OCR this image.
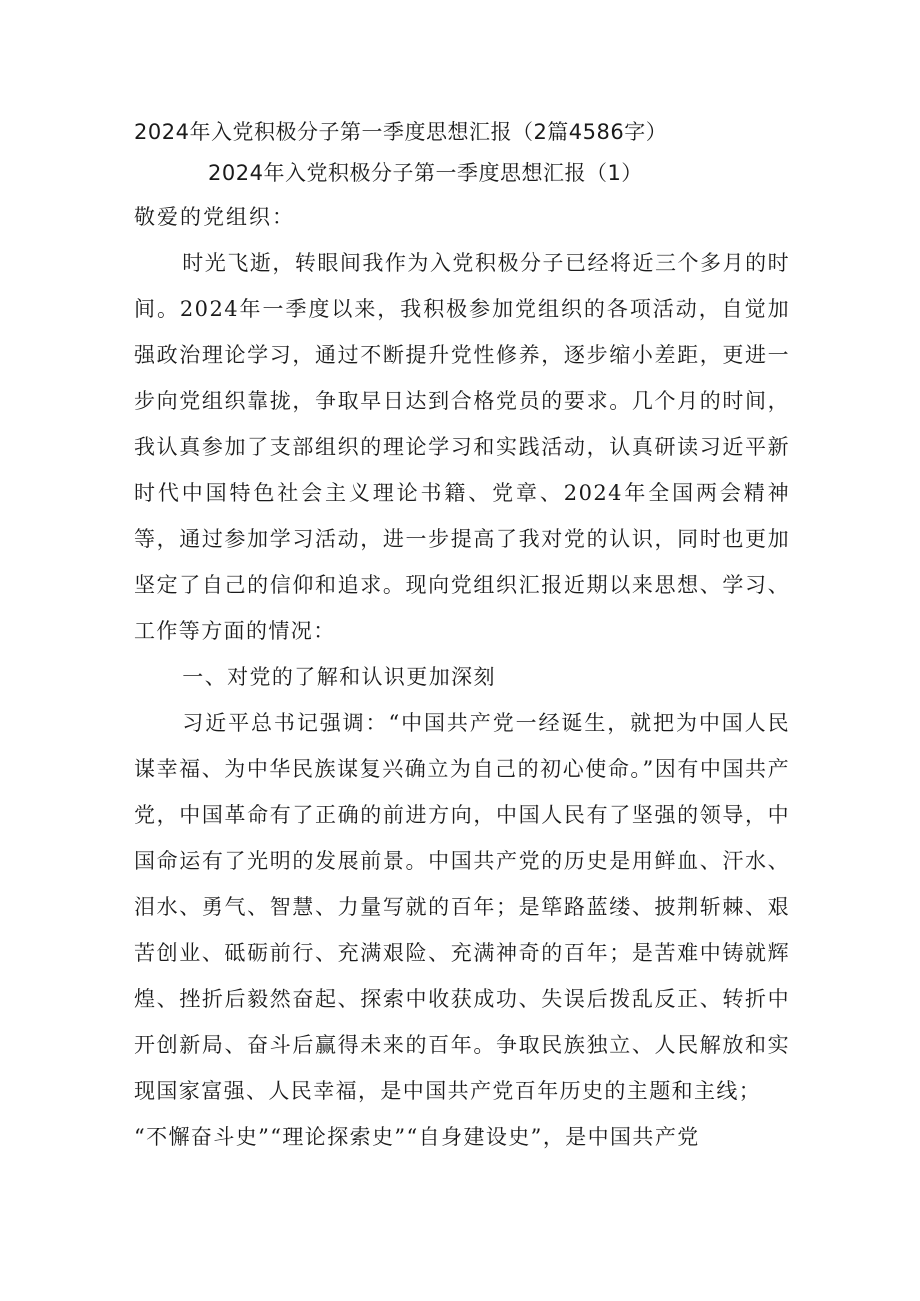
2024年入党积极分子第一季度思想汇报（2篇4586字）
2024年入党积极分子第一季度思想汇报（1）

敬爱的党组织：

时光飞逝，转眼间我作为入党积极分子已经将近三个多月的时间。2024年一季度以来，我积极参加党组织的各项活动，自觉加强政治理论学习，通过不断提升党性修养，逐步缩小差距，更进一步向党组织靠拢，争取早日达到合格党员的要求。几个月的时间，我认真参加了支部组织的理论学习和实践活动，认真研读习近平新时代中国特色社会主义理论书籍、党章、2024年全国两会精神等，通过参加学习活动，进一步提高了我对党的认识，同时也更加坚定了自己的信仰和追求。现向党组织汇报近期以来思想、学习、工作等方面的情况：

一、对党的了解和认识更加深刻

习近平总书记强调：“中国共产党一经诞生，就把为中国人民谋幸福、为中华民族谋复兴确立为自己的初心使命。”因有中国共产党，中国革命有了正确的前进方向，中国人民有了坚强的领导，中国命运有了光明的发展前景。中国共产党的历史是用鲜血、汗水、泪水、勇气、智慧、力量写就的百年；是筚路蓝缕、披荆斩棘、艰苦创业、砥砺前行、充满艰险、充满神奇的百年；是苦难中铸就辉煌、挫折后毅然奋起、探索中收获成功、失误后拨乱反正、转折中开创新局、奋斗后赢得未来的百年。争取民族独立、人民解放和实现国家富强、人民幸福，是中国共产党百年历史的主题和主线；

“不懈奋斗史”“理论探索史”“自身建设史”，是中国共产党
